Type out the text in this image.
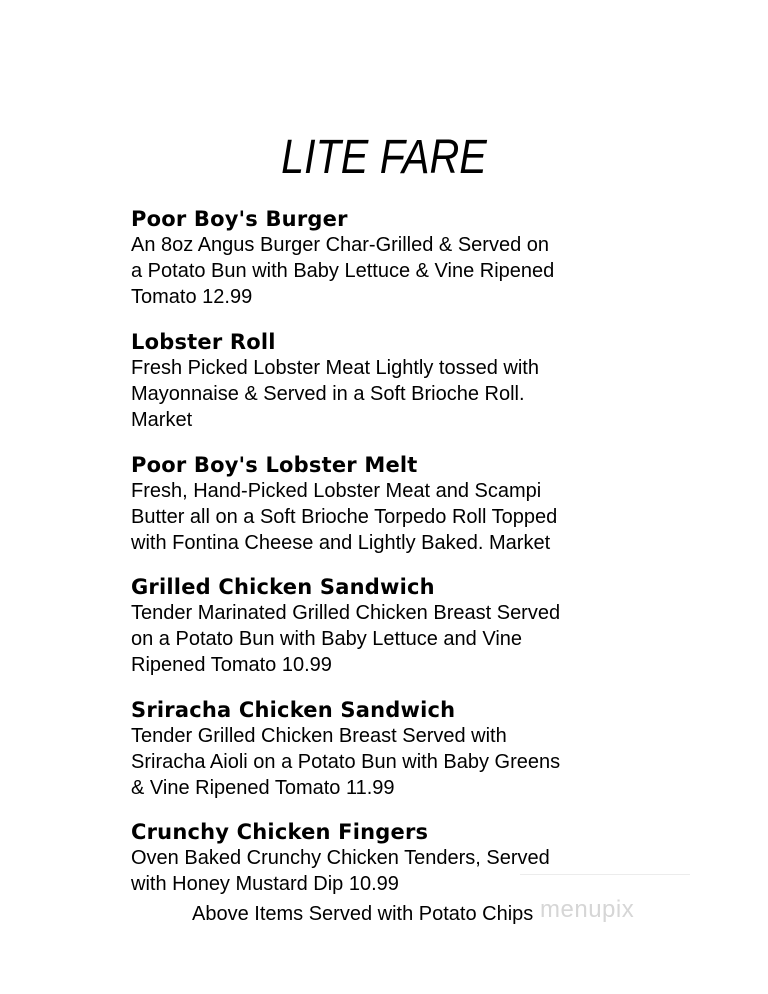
LITE FARE
Poor Boy's Burger
An 8oz Angus Burger Char-Grilled & Served on
a Potato Bun with Baby Lettuce & Vine Ripened
Tomato 12.99
Lobster Roll
Fresh Picked Lobster Meat Lightly tossed with
Mayonnaise & Served in a Soft Brioche Roll.
Market
Poor Boy's Lobster Melt
Fresh, Hand-Picked Lobster Meat and Scampi
Butter all on a Soft Brioche Torpedo Roll Topped
with Fontina Cheese and Lightly Baked. Market
Grilled Chicken Sandwich
Tender Marinated Grilled Chicken Breast Served
on a Potato Bun with Baby Lettuce and Vine
Ripened Tomato 10.99
Sriracha Chicken Sandwich
Tender Grilled Chicken Breast Served with
Sriracha Aioli on a Potato Bun with Baby Greens
& Vine Ripened Tomato 11.99
Crunchy Chicken Fingers
Oven Baked Crunchy Chicken Tenders, Served
with Honey Mustard Dip 10.99
menupix
Above Items Served with Potato Chips
